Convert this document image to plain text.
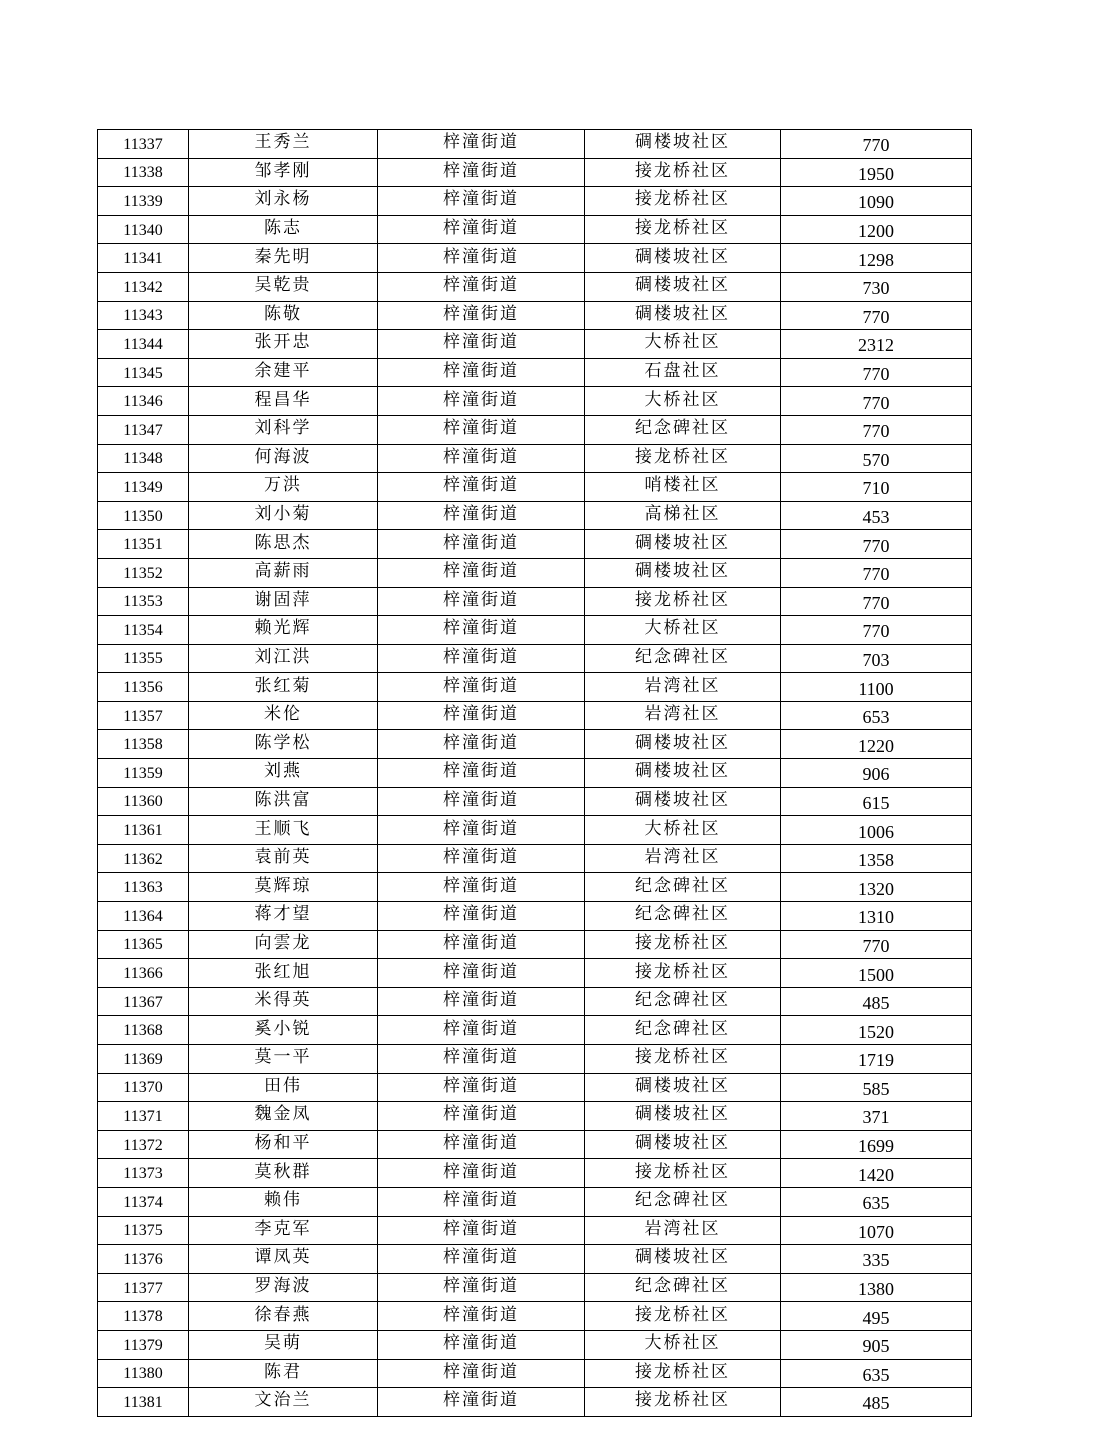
11337	王秀兰	梓潼街道	碉楼坡社区	770
11338	邹孝刚	梓潼街道	接龙桥社区	1950
11339	刘永杨	梓潼街道	接龙桥社区	1090
11340	陈志	梓潼街道	接龙桥社区	1200
11341	秦先明	梓潼街道	碉楼坡社区	1298
11342	吴乾贵	梓潼街道	碉楼坡社区	730
11343	陈敬	梓潼街道	碉楼坡社区	770
11344	张开忠	梓潼街道	大桥社区	2312
11345	余建平	梓潼街道	石盘社区	770
11346	程昌华	梓潼街道	大桥社区	770
11347	刘科学	梓潼街道	纪念碑社区	770
11348	何海波	梓潼街道	接龙桥社区	570
11349	万洪	梓潼街道	哨楼社区	710
11350	刘小菊	梓潼街道	高梯社区	453
11351	陈思杰	梓潼街道	碉楼坡社区	770
11352	高薪雨	梓潼街道	碉楼坡社区	770
11353	谢固萍	梓潼街道	接龙桥社区	770
11354	赖光辉	梓潼街道	大桥社区	770
11355	刘江洪	梓潼街道	纪念碑社区	703
11356	张红菊	梓潼街道	岩湾社区	1100
11357	米伦	梓潼街道	岩湾社区	653
11358	陈学松	梓潼街道	碉楼坡社区	1220
11359	刘燕	梓潼街道	碉楼坡社区	906
11360	陈洪富	梓潼街道	碉楼坡社区	615
11361	王顺飞	梓潼街道	大桥社区	1006
11362	袁前英	梓潼街道	岩湾社区	1358
11363	莫辉琼	梓潼街道	纪念碑社区	1320
11364	蒋才望	梓潼街道	纪念碑社区	1310
11365	向雲龙	梓潼街道	接龙桥社区	770
11366	张红旭	梓潼街道	接龙桥社区	1500
11367	米得英	梓潼街道	纪念碑社区	485
11368	奚小锐	梓潼街道	纪念碑社区	1520
11369	莫一平	梓潼街道	接龙桥社区	1719
11370	田伟	梓潼街道	碉楼坡社区	585
11371	魏金凤	梓潼街道	碉楼坡社区	371
11372	杨和平	梓潼街道	碉楼坡社区	1699
11373	莫秋群	梓潼街道	接龙桥社区	1420
11374	赖伟	梓潼街道	纪念碑社区	635
11375	李克军	梓潼街道	岩湾社区	1070
11376	谭凤英	梓潼街道	碉楼坡社区	335
11377	罗海波	梓潼街道	纪念碑社区	1380
11378	徐春燕	梓潼街道	接龙桥社区	495
11379	吴萌	梓潼街道	大桥社区	905
11380	陈君	梓潼街道	接龙桥社区	635
11381	文治兰	梓潼街道	接龙桥社区	485
